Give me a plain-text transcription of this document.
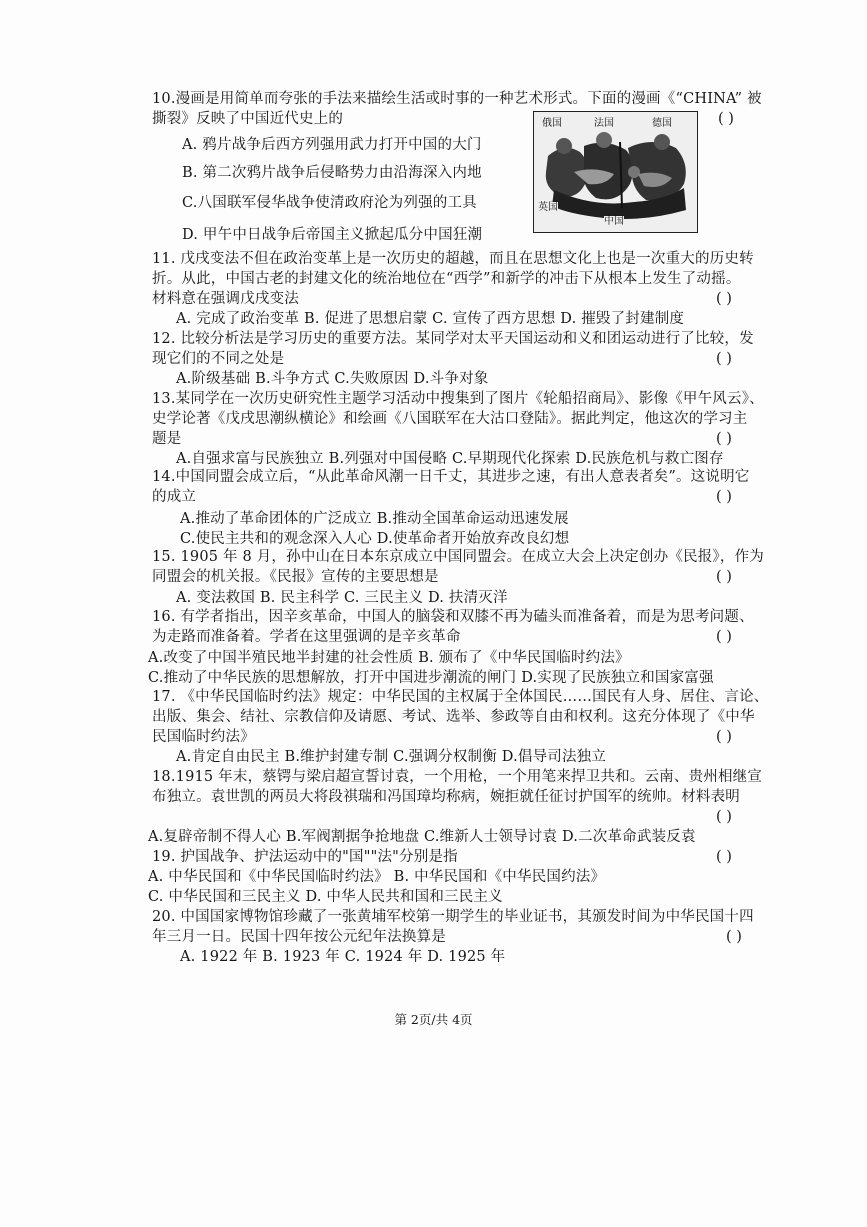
10.漫画是用简单而夸张的手法来描绘生活或时事的一种艺术形式。下面的漫画《“CHINA” 被
撕裂》反映了中国近代史上的
A. 鸦片战争后西方列强用武力打开中国的大门
B. 第二次鸦片战争后侵略势力由沿海深入内地
C.八国联军侵华战争使清政府沦为列强的工具
D. 甲午中日战争后帝国主义掀起瓜分中国狂潮
11. 戊戌变法不但在政治变革上是一次历史的超越，而且在思想文化上也是一次重大的历史转
折。从此，中国古老的封建文化的统治地位在“西学”和新学的冲击下从根本上发生了动摇。
材料意在强调戊戌变法
A. 完成了政治变革 B. 促进了思想启蒙 C. 宣传了西方思想 D. 摧毁了封建制度
12. 比较分析法是学习历史的重要方法。某同学对太平天国运动和义和团运动进行了比较，发
现它们的不同之处是
A.阶级基础 B.斗争方式 C.失败原因 D.斗争对象
13.某同学在一次历史研究性主题学习活动中搜集到了图片《轮船招商局》、影像《甲午风云》、
史学论著《戊戌思潮纵横论》和绘画《八国联军在大沽口登陆》。据此判定，他这次的学习主
题是
A.自强求富与民族独立 B.列强对中国侵略 C.早期现代化探索 D.民族危机与救亡图存
14.中国同盟会成立后，“从此革命风潮一日千丈，其进步之速，有出人意表者矣”。这说明它
的成立
A.推动了革命团体的广泛成立 B.推动全国革命运动迅速发展
C.使民主共和的观念深入人心 D.使革命者开始放弃改良幻想
15. 1905 年 8 月，孙中山在日本东京成立中国同盟会。在成立大会上决定创办《民报》，作为
同盟会的机关报。《民报》宣传的主要思想是
A. 变法救国 B. 民主科学 C. 三民主义 D. 扶清灭洋
16. 有学者指出，因辛亥革命，中国人的脑袋和双膝不再为磕头而准备着，而是为思考问题、
为走路而准备着。学者在这里强调的是辛亥革命
A.改变了中国半殖民地半封建的社会性质 B. 颁布了《中华民国临时约法》
C.推动了中华民族的思想解放，打开中国进步潮流的闸门 D.实现了民族独立和国家富强
17. 《中华民国临时约法》规定：中华民国的主权属于全体国民……国民有人身、居住、言论、
出版、集会、结社、宗教信仰及请愿、考试、选举、参政等自由和权利。这充分体现了《中华
民国临时约法》
A.肯定自由民主 B.维护封建专制 C.强调分权制衡 D.倡导司法独立
18.1915 年末，蔡锷与梁启超宣誓讨袁，一个用枪，一个用笔来捍卫共和。云南、贵州相继宣
布独立。袁世凯的两员大将段祺瑞和冯国璋均称病，婉拒就任征讨护国军的统帅。材料表明
A.复辟帝制不得人心 B.军阀割据争抢地盘 C.维新人士领导讨袁 D.二次革命武装反袁
19. 护国战争、护法运动中的"国""法"分别是指
A. 中华民国和《中华民国临时约法》 B. 中华民国和《中华民国约法》
C. 中华民国和三民主义 D. 中华人民共和国和三民主义
20. 中国国家博物馆珍藏了一张黄埔军校第一期学生的毕业证书，其颁发时间为中华民国十四
年三月一日。民国十四年按公元纪年法换算是
A. 1922 年 B. 1923 年 C. 1924 年 D. 1925 年
( )
( )
( )
( )
( )
( )
( )
( )
( )
( )
( )
俄国	法国	德国
英国
中国
第 2页/共 4页
